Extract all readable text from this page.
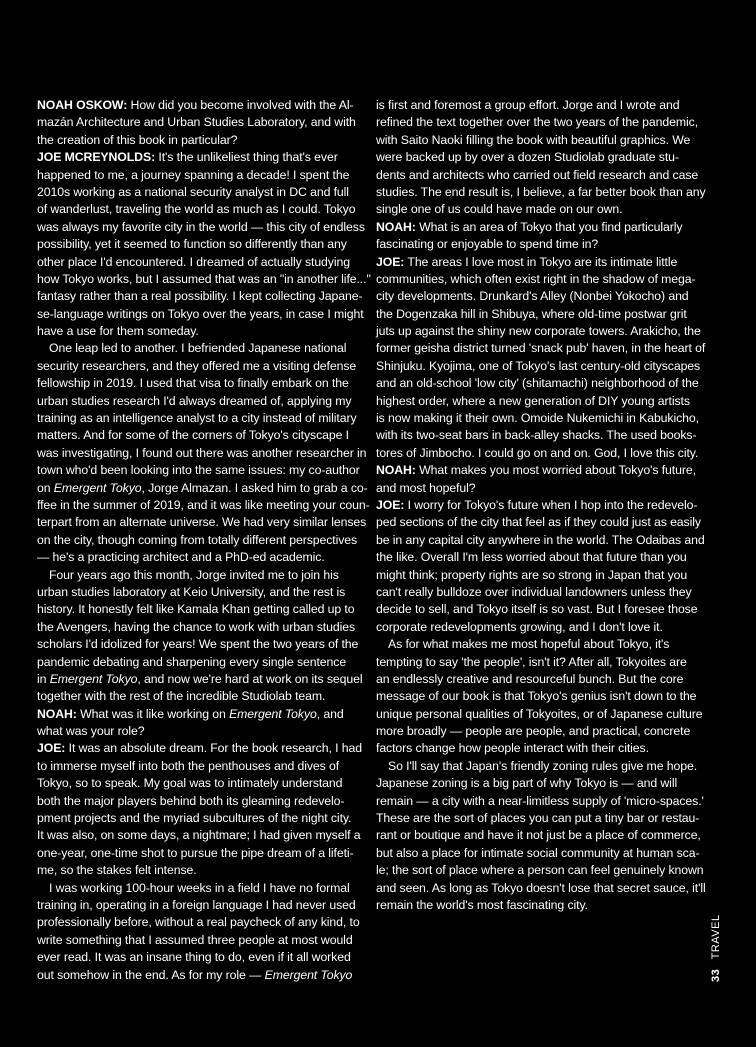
NOAH OSKOW: How did you become involved with the Al-
mazán Architecture and Urban Studies Laboratory, and with
the creation of this book in particular?
JOE MCREYNOLDS: It's the unlikeliest thing that's ever
happened to me, a journey spanning a decade! I spent the
2010s working as a national security analyst in DC and full
of wanderlust, traveling the world as much as I could. Tokyo
was always my favorite city in the world — this city of endless
possibility, yet it seemed to function so differently than any
other place I'd encountered. I dreamed of actually studying
how Tokyo works, but I assumed that was an "in another life..."
fantasy rather than a real possibility. I kept collecting Japane-
se-language writings on Tokyo over the years, in case I might
have a use for them someday.
One leap led to another. I befriended Japanese national
security researchers, and they offered me a visiting defense
fellowship in 2019. I used that visa to finally embark on the
urban studies research I'd always dreamed of, applying my
training as an intelligence analyst to a city instead of military
matters. And for some of the corners of Tokyo's cityscape I
was investigating, I found out there was another researcher in
town who'd been looking into the same issues: my co-author
on Emergent Tokyo, Jorge Almazan. I asked him to grab a co-
ffee in the summer of 2019, and it was like meeting your coun-
terpart from an alternate universe. We had very similar lenses
on the city, though coming from totally different perspectives
— he's a practicing architect and a PhD-ed academic.
Four years ago this month, Jorge invited me to join his
urban studies laboratory at Keio University, and the rest is
history. It honestly felt like Kamala Khan getting called up to
the Avengers, having the chance to work with urban studies
scholars I'd idolized for years! We spent the two years of the
pandemic debating and sharpening every single sentence
in Emergent Tokyo, and now we're hard at work on its sequel
together with the rest of the incredible Studiolab team.
NOAH: What was it like working on Emergent Tokyo, and
what was your role?
JOE: It was an absolute dream. For the book research, I had
to immerse myself into both the penthouses and dives of
Tokyo, so to speak. My goal was to intimately understand
both the major players behind both its gleaming redevelo-
pment projects and the myriad subcultures of the night city.
It was also, on some days, a nightmare; I had given myself a
one-year, one-time shot to pursue the pipe dream of a lifeti-
me, so the stakes felt intense.
I was working 100-hour weeks in a field I have no formal
training in, operating in a foreign language I had never used
professionally before, without a real paycheck of any kind, to
write something that I assumed three people at most would
ever read. It was an insane thing to do, even if it all worked
out somehow in the end. As for my role — Emergent Tokyo
is first and foremost a group effort. Jorge and I wrote and
refined the text together over the two years of the pandemic,
with Saito Naoki filling the book with beautiful graphics. We
were backed up by over a dozen Studiolab graduate stu-
dents and architects who carried out field research and case
studies. The end result is, I believe, a far better book than any
single one of us could have made on our own.
NOAH: What is an area of Tokyo that you find particularly
fascinating or enjoyable to spend time in?
JOE: The areas I love most in Tokyo are its intimate little
communities, which often exist right in the shadow of mega-
city developments. Drunkard's Alley (Nonbei Yokocho) and
the Dogenzaka hill in Shibuya, where old-time postwar grit
juts up against the shiny new corporate towers. Arakicho, the
former geisha district turned 'snack pub' haven, in the heart of
Shinjuku. Kyojima, one of Tokyo's last century-old cityscapes
and an old-school 'low city' (shitamachi) neighborhood of the
highest order, where a new generation of DIY young artists
is now making it their own. Omoide Nukemichi in Kabukicho,
with its two-seat bars in back-alley shacks. The used books-
tores of Jimbocho. I could go on and on. God, I love this city.
NOAH: What makes you most worried about Tokyo's future,
and most hopeful?
JOE: I worry for Tokyo's future when I hop into the redevelo-
ped sections of the city that feel as if they could just as easily
be in any capital city anywhere in the world. The Odaibas and
the like. Overall I'm less worried about that future than you
might think; property rights are so strong in Japan that you
can't really bulldoze over individual landowners unless they
decide to sell, and Tokyo itself is so vast. But I foresee those
corporate redevelopments growing, and I don't love it.
As for what makes me most hopeful about Tokyo, it's
tempting to say 'the people', isn't it? After all, Tokyoites are
an endlessly creative and resourceful bunch. But the core
message of our book is that Tokyo's genius isn't down to the
unique personal qualities of Tokyoites, or of Japanese culture
more broadly — people are people, and practical, concrete
factors change how people interact with their cities.
So I'll say that Japan's friendly zoning rules give me hope.
Japanese zoning is a big part of why Tokyo is — and will
remain — a city with a near-limitless supply of 'micro-spaces.'
These are the sort of places you can put a tiny bar or restau-
rant or boutique and have it not just be a place of commerce,
but also a place for intimate social community at human sca-
le; the sort of place where a person can feel genuinely known
and seen. As long as Tokyo doesn't lose that secret sauce, it'll
remain the world's most fascinating city.
33 TRAVEL
